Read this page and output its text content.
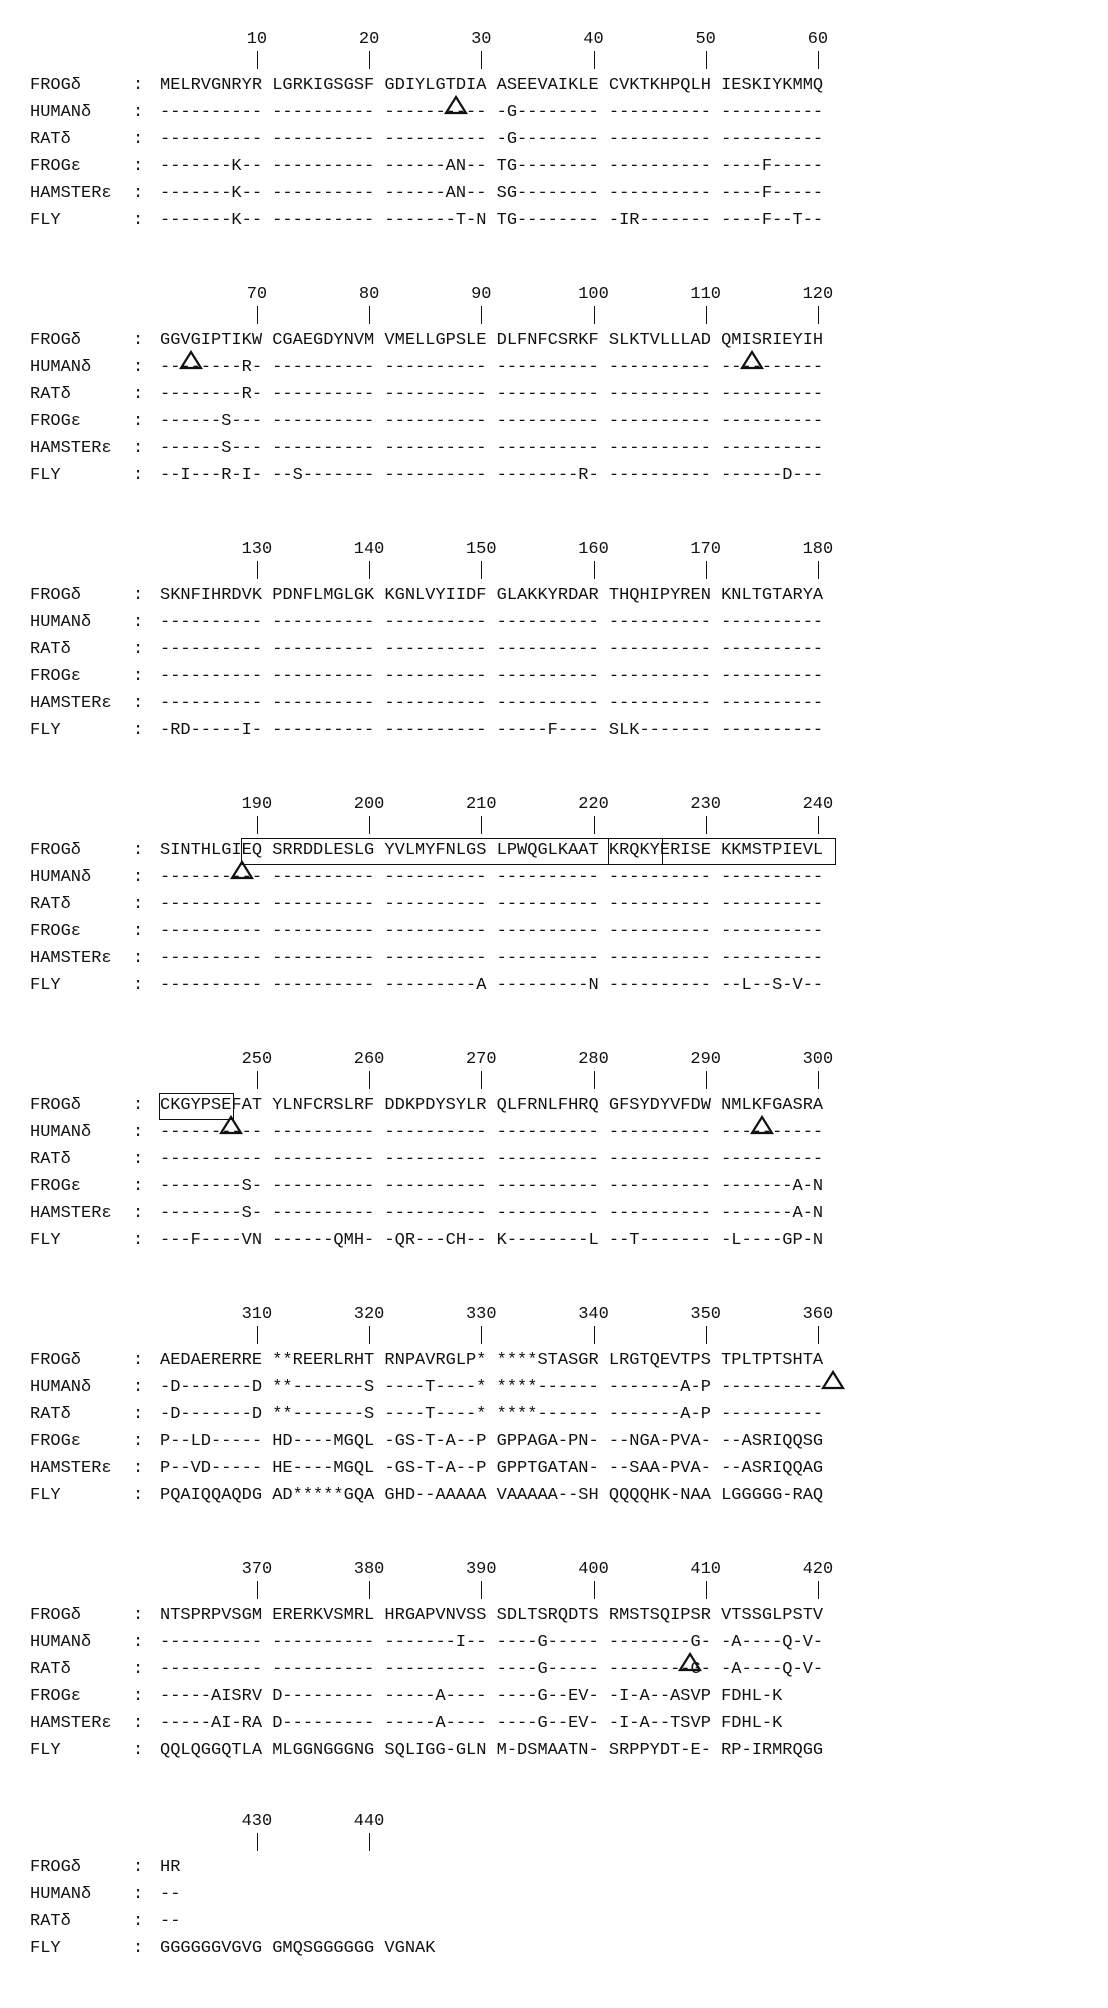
10	20	30	40	50	60
FROGδ	: MELRVGNRYR LGRKIGSGSF GDIYLGTDIA ASEEVAIKLE CVKTKHPQLH IESKIYKMMQ
HUMANδ : ---------- ---------- ---------- -G-------- ---------- ----------
RATδ	: ---------- ---------- ---------- -G-------- ---------- ----------
FROGε	: -------K-- ---------- ------AN-- TG-------- ---------- ----F-----
HAMSTERε : -------K-- ---------- ------AN-- SG-------- ---------- ----F-----
FLY	: -------K-- ---------- -------T-N TG-------- -IR------- ----F--T--
70	80	90	100	110	120
FROGδ	: GGVGIPTIKW CGAEGDYNVM VMELLGPSLE DLFNFCSRKF SLKTVLLLAD QMISRIEYIH
HUMANδ : --------R- ---------- ---------- ---------- ---------- ----------
RATδ	: --------R- ---------- ---------- ---------- ---------- ----------
FROGε	: ------S--- ---------- ---------- ---------- ---------- ----------
HAMSTERε : ------S--- ---------- ---------- ---------- ---------- ----------
FLY	: --I---R-I- --S------- ---------- --------R- ---------- ------D---
130	140	150	160	170	180
FROGδ	: SKNFIHRDVK PDNFLMGLGK KGNLVYIIDF GLAKKYRDAR THQHIPYREN KNLTGTARYA
HUMANδ : ---------- ---------- ---------- ---------- ---------- ----------
RATδ	: ---------- ---------- ---------- ---------- ---------- ----------
FROGε	: ---------- ---------- ---------- ---------- ---------- ----------
HAMSTERε : ---------- ---------- ---------- ---------- ---------- ----------
FLY	: -RD-----I- ---------- ---------- -----F---- SLK------- ----------
190	200	210	220	230	240
FROGδ	: SINTHLGIEQ SRRDDLESLG YVLMYFNLGS LPWQGLKAAT KRQKYERISE KKMSTPIEVL
HUMANδ : ---------- ---------- ---------- ---------- ---------- ----------
RATδ	: ---------- ---------- ---------- ---------- ---------- ----------
FROGε	: ---------- ---------- ---------- ---------- ---------- ----------
HAMSTERε : ---------- ---------- ---------- ---------- ---------- ----------
FLY	: ---------- ---------- ---------A ---------N ---------- --L--S-V--
250	260	270	280	290	300
FROGδ	: CKGYPSEFAT YLNFCRSLRF DDKPDYSYLR QLFRNLFHRQ GFSYDYVFDW NMLKFGASRA
HUMANδ : ---------- ---------- ---------- ---------- ---------- ----------
RATδ	: ---------- ---------- ---------- ---------- ---------- ----------
FROGε	: --------S- ---------- ---------- ---------- ---------- -------A-N
HAMSTERε : --------S- ---------- ---------- ---------- ---------- -------A-N
FLY	: ---F----VN ------QMH- -QR---CH-- K--------L --T------- -L----GP-N
310	320	330	340	350	360
FROGδ	: AEDAERERRE **REERLRHT RNPAVRGLP* ****STASGR LRGTQEVTPS TPLTPTSHTA
HUMANδ : -D-------D **-------S ----T----* ****------ -------A-P ----------
RATδ	: -D-------D **-------S ----T----* ****------ -------A-P ----------
FROGε	: P--LD----- HD----MGQL -GS-T-A--P GPPAGA-PN- --NGA-PVA- --ASRIQQSG
HAMSTERε : P--VD----- HE----MGQL -GS-T-A--P GPPTGATAN- --SAA-PVA- --ASRIQQAG
FLY	: PQAIQQAQDG AD*****GQA GHD--AAAAA VAAAAA--SH QQQQHK-NAA LGGGGG-RAQ
370	380	390	400	410	420
FROGδ	: NTSPRPVSGM ERERKVSMRL HRGAPVNVSS SDLTSRQDTS RMSTSQIPSR VTSSGLPSTV
HUMANδ : ---------- ---------- -------I-- ----G----- --------G- -A----Q-V-
RATδ	: ---------- ---------- ---------- ----G----- --------G- -A----Q-V-
FROGε	: -----AISRV D--------- -----A---- ----G--EV- -I-A--ASVP FDHL-K
HAMSTERε : -----AI-RA D--------- -----A---- ----G--EV- -I-A--TSVP FDHL-K
FLY	: QQLQGGQTLA MLGGNGGGNG SQLIGG-GLN M-DSMAATN- SRPPYDT-E- RP-IRMRQGG
430	440
FROGδ	: HR
HUMANδ : --
RATδ	: --
FLY	: GGGGGGVGVG GMQSGGGGGG VGNAK
